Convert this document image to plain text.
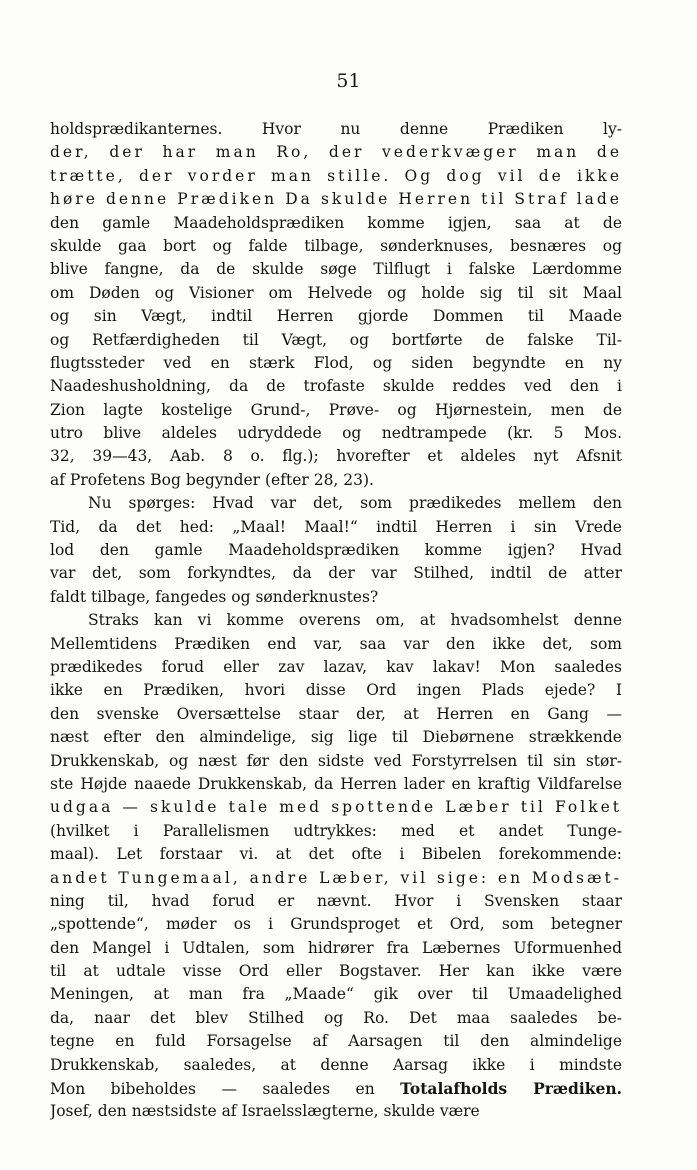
51
holdsprædikanternes. Hvor nu denne Prædiken ly-
der, der har man Ro, der vederkvæger man de
trætte, der vorder man stille. Og dog vil de ikke
høre denne Prædiken Da skulde Herren til Straf lade
den gamle Maadeholdsprædiken komme igjen, saa at de
skulde gaa bort og falde tilbage, sønderknuses, besnæres og
blive fangne, da de skulde søge Tilflugt i falske Lærdomme
om Døden og Visioner om Helvede og holde sig til sit Maal
og sin Vægt, indtil Herren gjorde Dommen til Maade
og Retfærdigheden til Vægt, og bortførte de falske Til-
flugtssteder ved en stærk Flod, og siden begyndte en ny
Naadeshusholdning, da de trofaste skulde reddes ved den i
Zion lagte kostelige Grund-, Prøve- og Hjørnestein, men de
utro blive aldeles udryddede og nedtrampede (kr. 5 Mos.
32, 39—43, Aab. 8 o. flg.); hvorefter et aldeles nyt Afsnit
af Profetens Bog begynder (efter 28, 23).
Nu spørges: Hvad var det, som prædikedes mellem den
Tid, da det hed: „Maal! Maal!“ indtil Herren i sin Vrede
lod den gamle Maadeholdsprædiken komme igjen? Hvad
var det, som forkyndtes, da der var Stilhed, indtil de atter
faldt tilbage, fangedes og sønderknustes?
Straks kan vi komme overens om, at hvadsomhelst denne
Mellemtidens Prædiken end var, saa var den ikke det, som
prædikedes forud eller zav lazav, kav lakav! Mon saaledes
ikke en Prædiken, hvori disse Ord ingen Plads ejede? I
den svenske Oversættelse staar der, at Herren en Gang —
næst efter den almindelige, sig lige til Diebørnene strækkende
Drukkenskab, og næst før den sidste ved Forstyrrelsen til sin stør-
ste Højde naaede Drukkenskab, da Herren lader en kraftig Vildfarelse
udgaa — skulde tale med spottende Læber til Folket
(hvilket i Parallelismen udtrykkes: med et andet Tunge-
maal). Let forstaar vi. at det ofte i Bibelen forekommende:
andet Tungemaal, andre Læber, vil sige: en Modsæt-
ning til, hvad forud er nævnt. Hvor i Svensken staar
„spottende“, møder os i Grundsproget et Ord, som betegner
den Mangel i Udtalen, som hidrører fra Læbernes Uformuenhed
til at udtale visse Ord eller Bogstaver. Her kan ikke være
Meningen, at man fra „Maade“ gik over til Umaadelighed
da, naar det blev Stilhed og Ro. Det maa saaledes be-
tegne en fuld Forsagelse af Aarsagen til den almindelige
Drukkenskab, saaledes, at denne Aarsag ikke i mindste
Mon bibeholdes — saaledes en Totalafholds Prædiken.
Josef, den næstsidste af Israelsslægterne, skulde være
